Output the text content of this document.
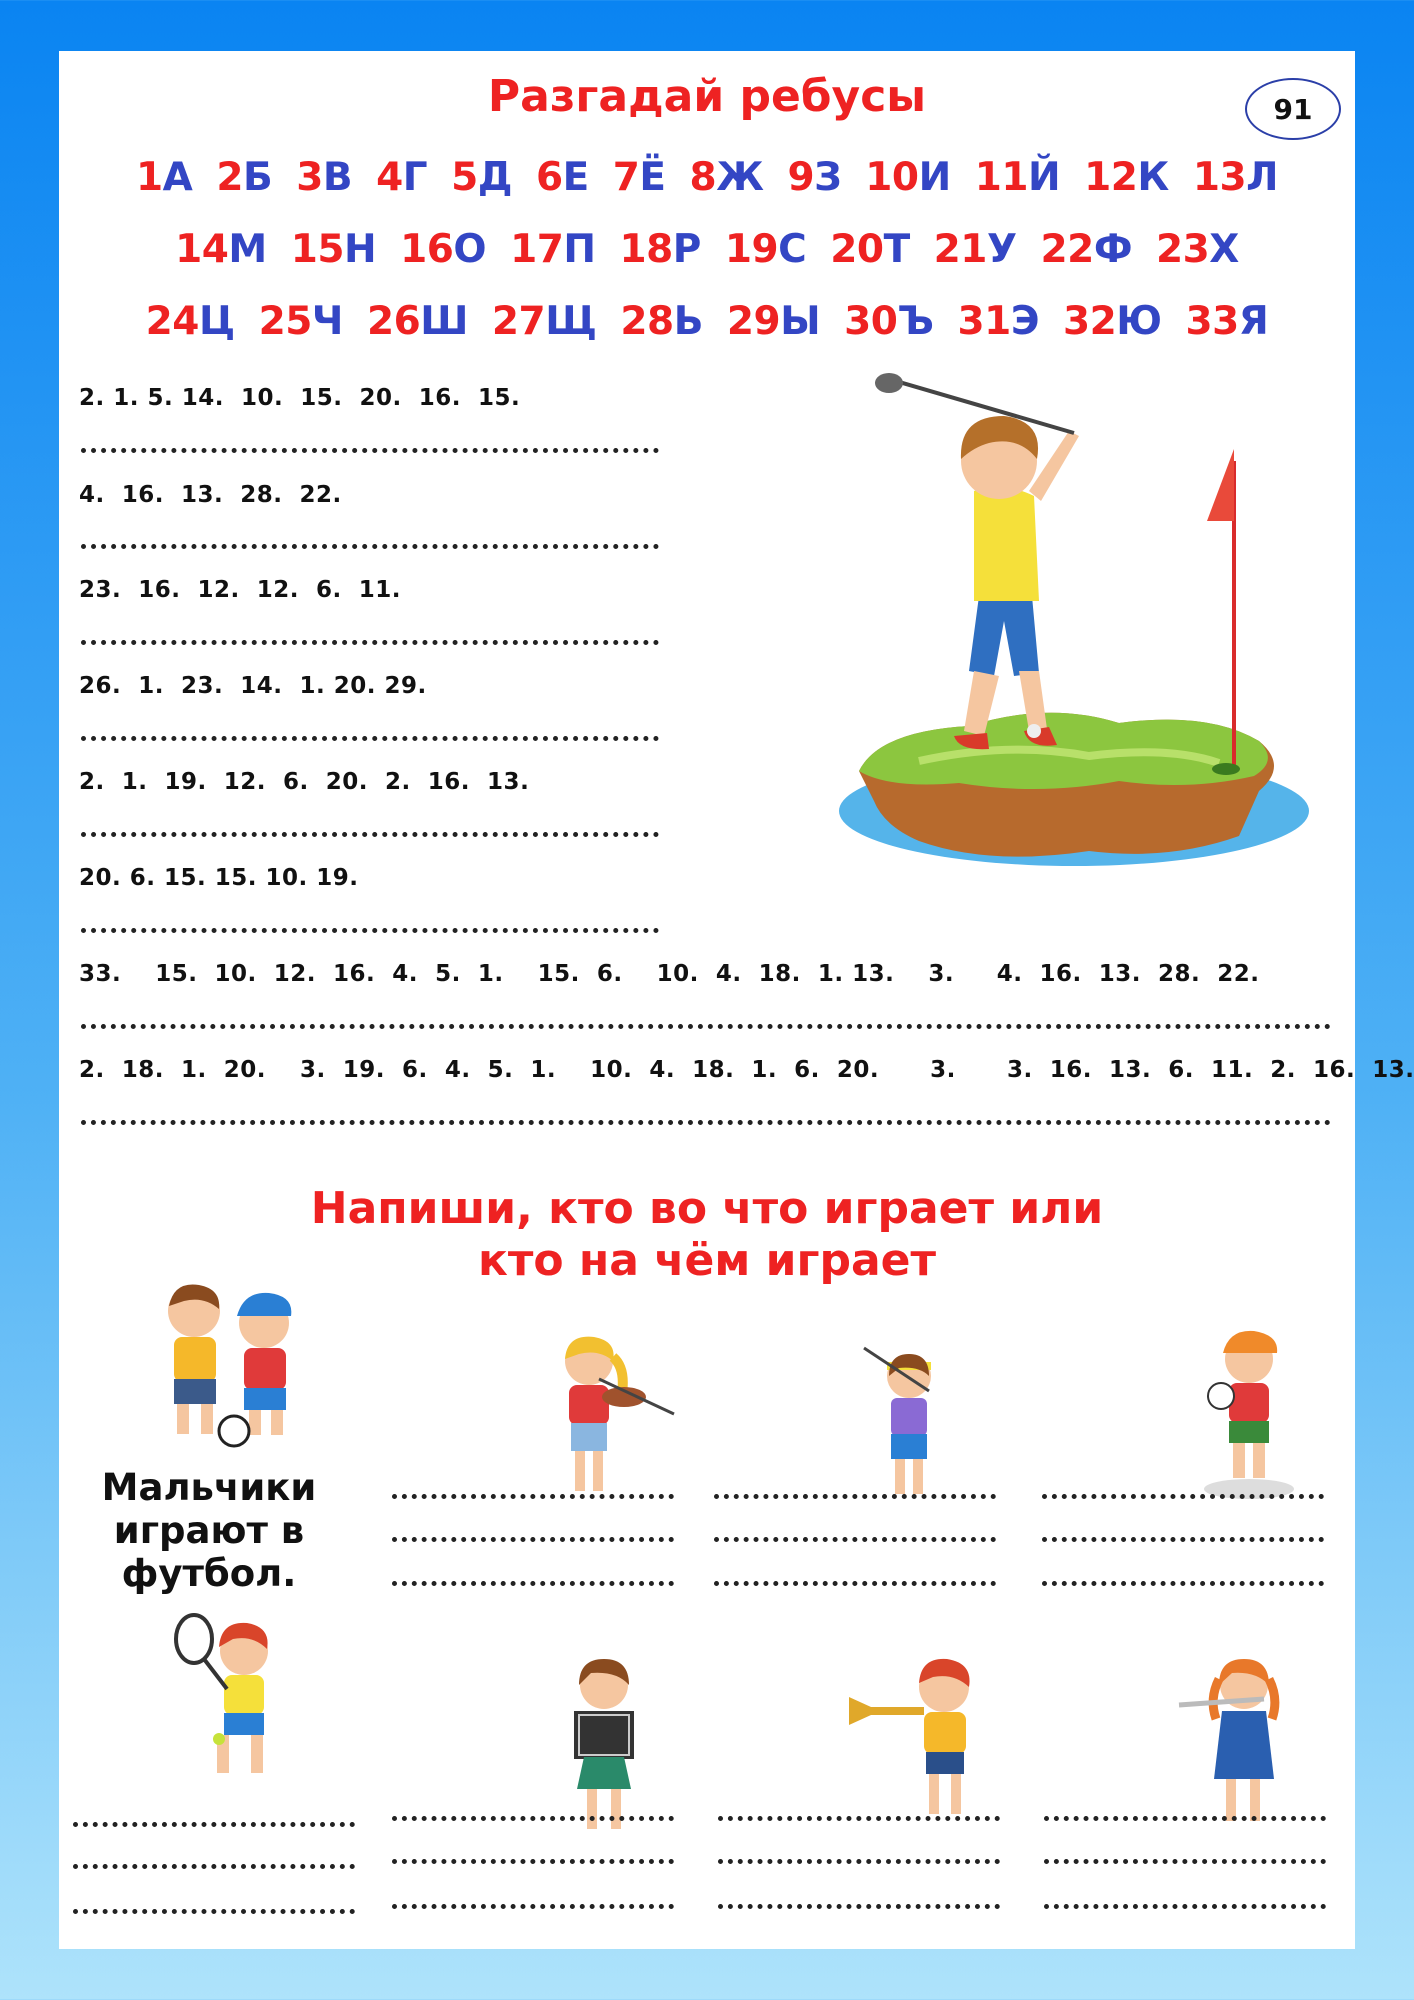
Разгадай ребусы	91
1А 2Б 3В 4Г 5Д 6Е 7Ё 8Ж 9З 10И 11Й 12К 13Л
14М 15Н 16О 17П 18Р 19С 20Т 21У 22Ф 23Х
24Ц 25Ч 26Ш 27Щ 28Ь 29Ы 30Ъ 31Э 32Ю 33Я
2. 1. 5. 14.  10.  15.  20.  16.  15.
4.  16.  13.  28.  22.
23.  16.  12.  12.  6.  11.
26.  1.  23.  14.  1. 20. 29.
2.  1.  19.  12.  6.  20.  2.  16.  13.
20. 6. 15. 15. 10. 19.
33.    15.  10.  12.  16.  4.  5.  1.    15.  6.    10.  4.  18.  1. 13.    3.     4.  16.  13.  28.  22.
2.  18.  1.  20.    3.  19.  6.  4.  5.  1.    10.  4.  18.  1.  6.  20.      3.      3.  16.  13.  6.  11.  2.  16.  13.
Напиши, кто во что играет или
кто на чём играет
Мальчики
играют в
футбол.
